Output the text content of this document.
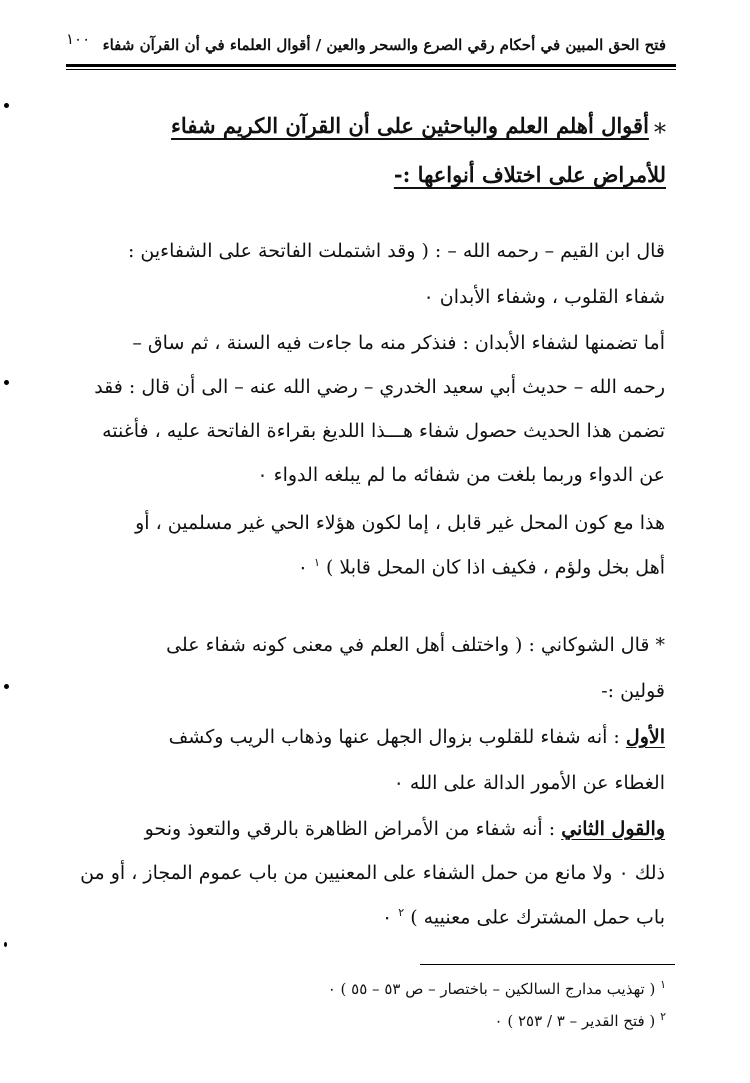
فتح الحق المبين في أحكام رقي الصرع والسحر والعين / أقوال العلماء في أن القرآن شفاء
١٠٠
⁎ أقوال أهلم العلم والباحثين على أن القرآن الكريم شفاء
للأمراض على اختلاف أنواعها :-
قال ابن القيم – رحمه الله – : ( وقد اشتملت الفاتحة على الشفاءين :
شفاء القلوب ، وشفاء الأبدان ٠
أما تضمنها لشفاء الأبدان : فنذكر منه ما جاءت فيه السنة ، ثم ساق –
رحمه الله – حديث أبي سعيد الخدري – رضي الله عنه – الى أن قال : فقد
تضمن هذا الحديث حصول شفاء هـــذا اللديغ بقراءة الفاتحة عليه ، فأغنته
عن الدواء وربما بلغت من شفائه ما لم يبلغه الدواء ٠
هذا مع كون المحل غير قابل ، إما لكون هؤلاء الحي غير مسلمين ، أو
أهل بخل ولؤم ، فكيف اذا كان المحل قابلا ) $^١$ ٠
* قال الشوكاني : ( واختلف أهل العلم في معنى كونه شفاء على
قولين :-
الأول : أنه شفاء للقلوب بزوال الجهل عنها وذهاب الريب وكشف
الغطاء عن الأمور الدالة على الله ٠
والقول الثاني : أنه شفاء من الأمراض الظاهرة بالرقي والتعوذ ونحو
ذلك ٠ ولا مانع من حمل الشفاء على المعنيين من باب عموم المجاز ، أو من
باب حمل المشترك على معنييه ) $^٢$ ٠
$^١$ ( تهذيب مدارج السالكين – باختصار – ص ٥٣ – ٥٥ ) ٠
$^٢$ ( فتح القدير – ٣ / ٢٥٣ ) ٠
